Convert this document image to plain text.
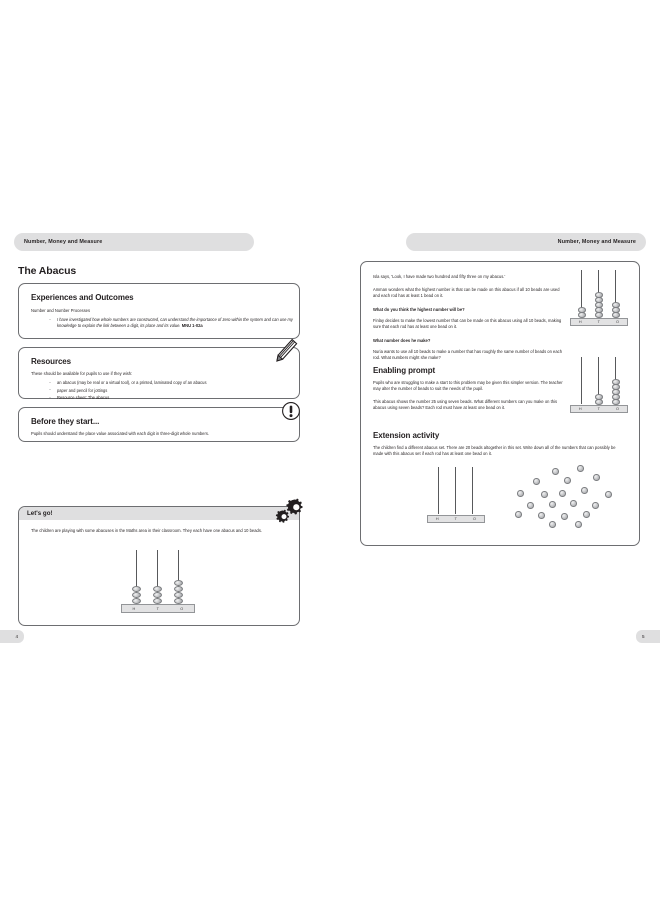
Number, Money and Measure
The Abacus
Experiences and Outcomes
Number and Number Processes
· I have investigated how whole numbers are constructed, can understand the importance of zero within the system and can use my knowledge to explain the link between a digit, its place and its value. MNU 1-02a
Resources
These should be available for pupils to use if they wish:
· an abacus (may be real or a virtual tool), or a printed, laminated copy of an abacus
· paper and pencil for jottings
· Resource sheet: The abacus
Before they start...
Pupils should understand the place value associated with each digit in three-digit whole numbers.
Let's go!
The children are playing with some abacuses in the Maths area in their classroom. They each have one abacus and 10 beads.
H	T	O
4
Number, Money and Measure
Isla says, 'Look, I have made two hundred and fifty three on my abacus.'
Amman wonders what the highest number is that can be made on this abacus if all 10 beads are used and each rod has at least 1 bead on it.
What do you think the highest number will be?
Finlay decides to make the lowest number that can be made on this abacus using all 10 beads, making sure that each rod has at least one bead on it.
What number does he make?
Nuria wants to use all 10 beads to make a number that has roughly the same number of beads on each rod. What numbers might she make?
H	T	O
Enabling prompt
Pupils who are struggling to make a start to this problem may be given this simpler version. The teacher may alter the number of beads to suit the needs of the pupil.
This abacus shows the number 25 using seven beads. What different numbers can you make on this abacus using seven beads? Each rod must have at least one bead on it.	H	T	O
Extension activity
The children find a different abacus set. There are 20 beads altogether in this set. Write down all of the numbers that can possibly be made with this abacus set if each rod has at least one bead on it.
H	T	O
5
